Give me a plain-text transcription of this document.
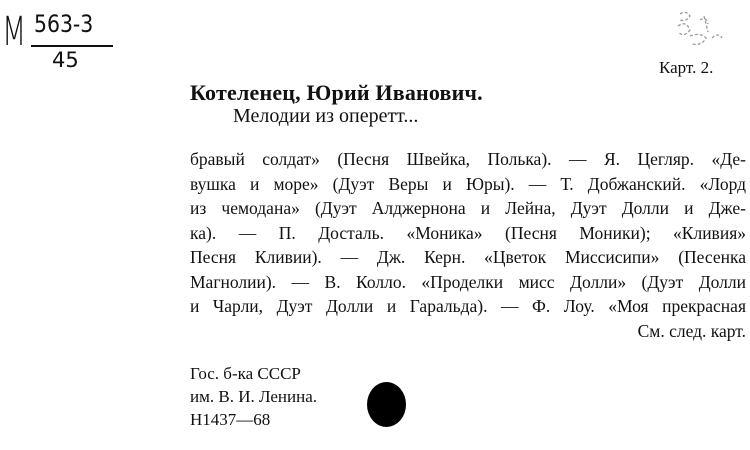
M 563-3
45	Карт. 2.
Котеленец, Юрий Иванович.
Мелодии из оперетт...
бравый солдат» (Песня Швейка, Полька). — Я. Цегляр. «Де-
вушка и море» (Дуэт Веры и Юры). — Т. Добжанский. «Лорд
из чемодана» (Дуэт Алджернона и Лейна, Дуэт Долли и Дже-
ка). — П. Досталь. «Моника» (Песня Моники); «Кливия»
Песня Кливии). — Дж. Керн. «Цветок Миссисипи» (Песенка
Магнолии). — В. Колло. «Проделки мисс Долли» (Дуэт Долли
и Чарли, Дуэт Долли и Гаральда). — Ф. Лоу. «Моя прекрасная
См. след. карт.
Гос. б-ка СССР
им. В. И. Ленина.
Н1437—68
